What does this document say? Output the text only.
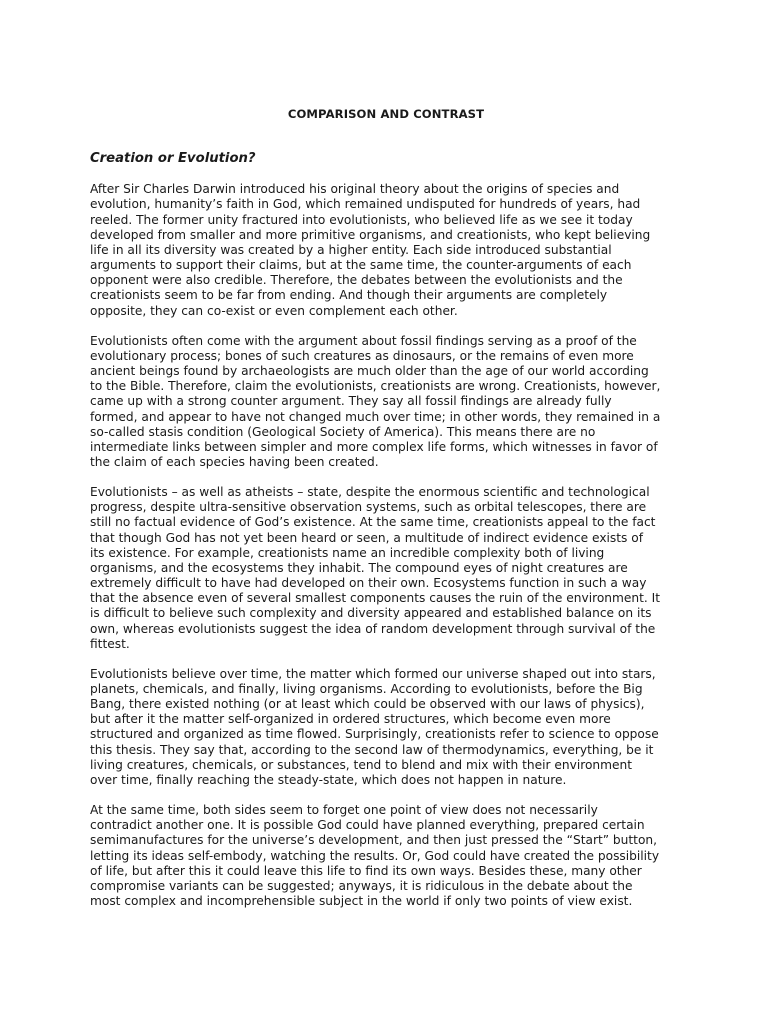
COMPARISON AND CONTRAST
Creation or Evolution?
After Sir Charles Darwin introduced his original theory about the origins of species and
evolution, humanity’s faith in God, which remained undisputed for hundreds of years, had
reeled. The former unity fractured into evolutionists, who believed life as we see it today
developed from smaller and more primitive organisms, and creationists, who kept believing
life in all its diversity was created by a higher entity. Each side introduced substantial
arguments to support their claims, but at the same time, the counter-arguments of each
opponent were also credible. Therefore, the debates between the evolutionists and the
creationists seem to be far from ending. And though their arguments are completely
opposite, they can co-exist or even complement each other.
Evolutionists often come with the argument about fossil findings serving as a proof of the
evolutionary process; bones of such creatures as dinosaurs, or the remains of even more
ancient beings found by archaeologists are much older than the age of our world according
to the Bible. Therefore, claim the evolutionists, creationists are wrong. Creationists, however,
came up with a strong counter argument. They say all fossil findings are already fully
formed, and appear to have not changed much over time; in other words, they remained in a
so-called stasis condition (Geological Society of America). This means there are no
intermediate links between simpler and more complex life forms, which witnesses in favor of
the claim of each species having been created.
Evolutionists – as well as atheists – state, despite the enormous scientific and technological
progress, despite ultra-sensitive observation systems, such as orbital telescopes, there are
still no factual evidence of God’s existence. At the same time, creationists appeal to the fact
that though God has not yet been heard or seen, a multitude of indirect evidence exists of
its existence. For example, creationists name an incredible complexity both of living
organisms, and the ecosystems they inhabit. The compound eyes of night creatures are
extremely difficult to have had developed on their own. Ecosystems function in such a way
that the absence even of several smallest components causes the ruin of the environment. It
is difficult to believe such complexity and diversity appeared and established balance on its
own, whereas evolutionists suggest the idea of random development through survival of the
fittest.
Evolutionists believe over time, the matter which formed our universe shaped out into stars,
planets, chemicals, and finally, living organisms. According to evolutionists, before the Big
Bang, there existed nothing (or at least which could be observed with our laws of physics),
but after it the matter self-organized in ordered structures, which become even more
structured and organized as time flowed. Surprisingly, creationists refer to science to oppose
this thesis. They say that, according to the second law of thermodynamics, everything, be it
living creatures, chemicals, or substances, tend to blend and mix with their environment
over time, finally reaching the steady-state, which does not happen in nature.
At the same time, both sides seem to forget one point of view does not necessarily
contradict another one. It is possible God could have planned everything, prepared certain
semimanufactures for the universe’s development, and then just pressed the “Start” button,
letting its ideas self-embody, watching the results. Or, God could have created the possibility
of life, but after this it could leave this life to find its own ways. Besides these, many other
compromise variants can be suggested; anyways, it is ridiculous in the debate about the
most complex and incomprehensible subject in the world if only two points of view exist.
